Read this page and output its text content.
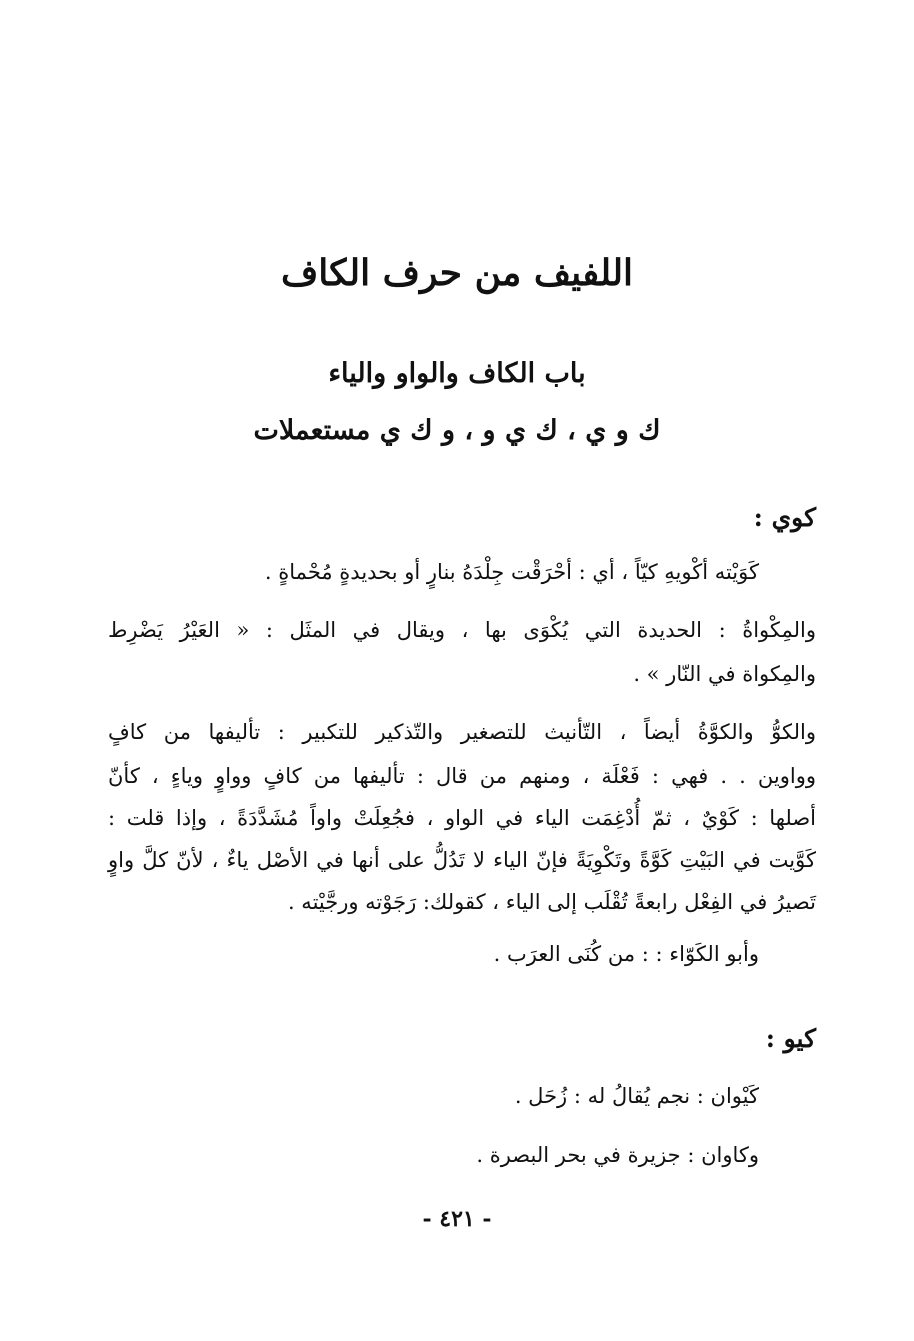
اللفيف من حرف الكاف
باب الكاف والواو والياء
ك و ي ، ك ي و ، و ك ي مستعملات
كوي :
كَوَيْته أكْويهِ كيّاً ، أي : أحْرَقْت جِلْدَهُ بنارٍ أو بحديدةٍ مُحْماةٍ .
والمِكْواةُ : الحديدة التي يُكْوَى بها ، ويقال في المثَل : « العَيْرُ يَضْرِط
والمِكواة في النّار » .
والكوُّ والكوَّةُ أيضاً ، التّأنيث للتصغير والتّذكير للتكبير : تأليفها من كافٍ
وواوين . . فهي : فَعْلَة ، ومنهم من قال : تأليفها من كافٍ وواوٍ وياءٍ ، كأنّ
أصلها : كَوْيٌ ، ثمّ أُدْغِمَت الياء في الواو ، فجُعِلَتْ واواً مُشَدَّدَةً ، وإذا قلت :
كَوَّيت في البَيْتِ كَوَّةً وتَكْوِيَةً فإنّ الياء لا تَدُلُّ على أنها في الأصْل ياءٌ ، لأنّ كلَّ واوٍ
تَصيرُ في الفِعْل رابعةً تُقْلَب إلى الياء ، كقولك: رَجَوْته ورجَّيْته .
وأبو الكَوّاء : : من كُنَى العرَب .
كيو :
كَيْوان : نجم يُقالُ له : زُحَل .
وكاوان : جزيرة في بحر البصرة .
- ٤٢١ -
